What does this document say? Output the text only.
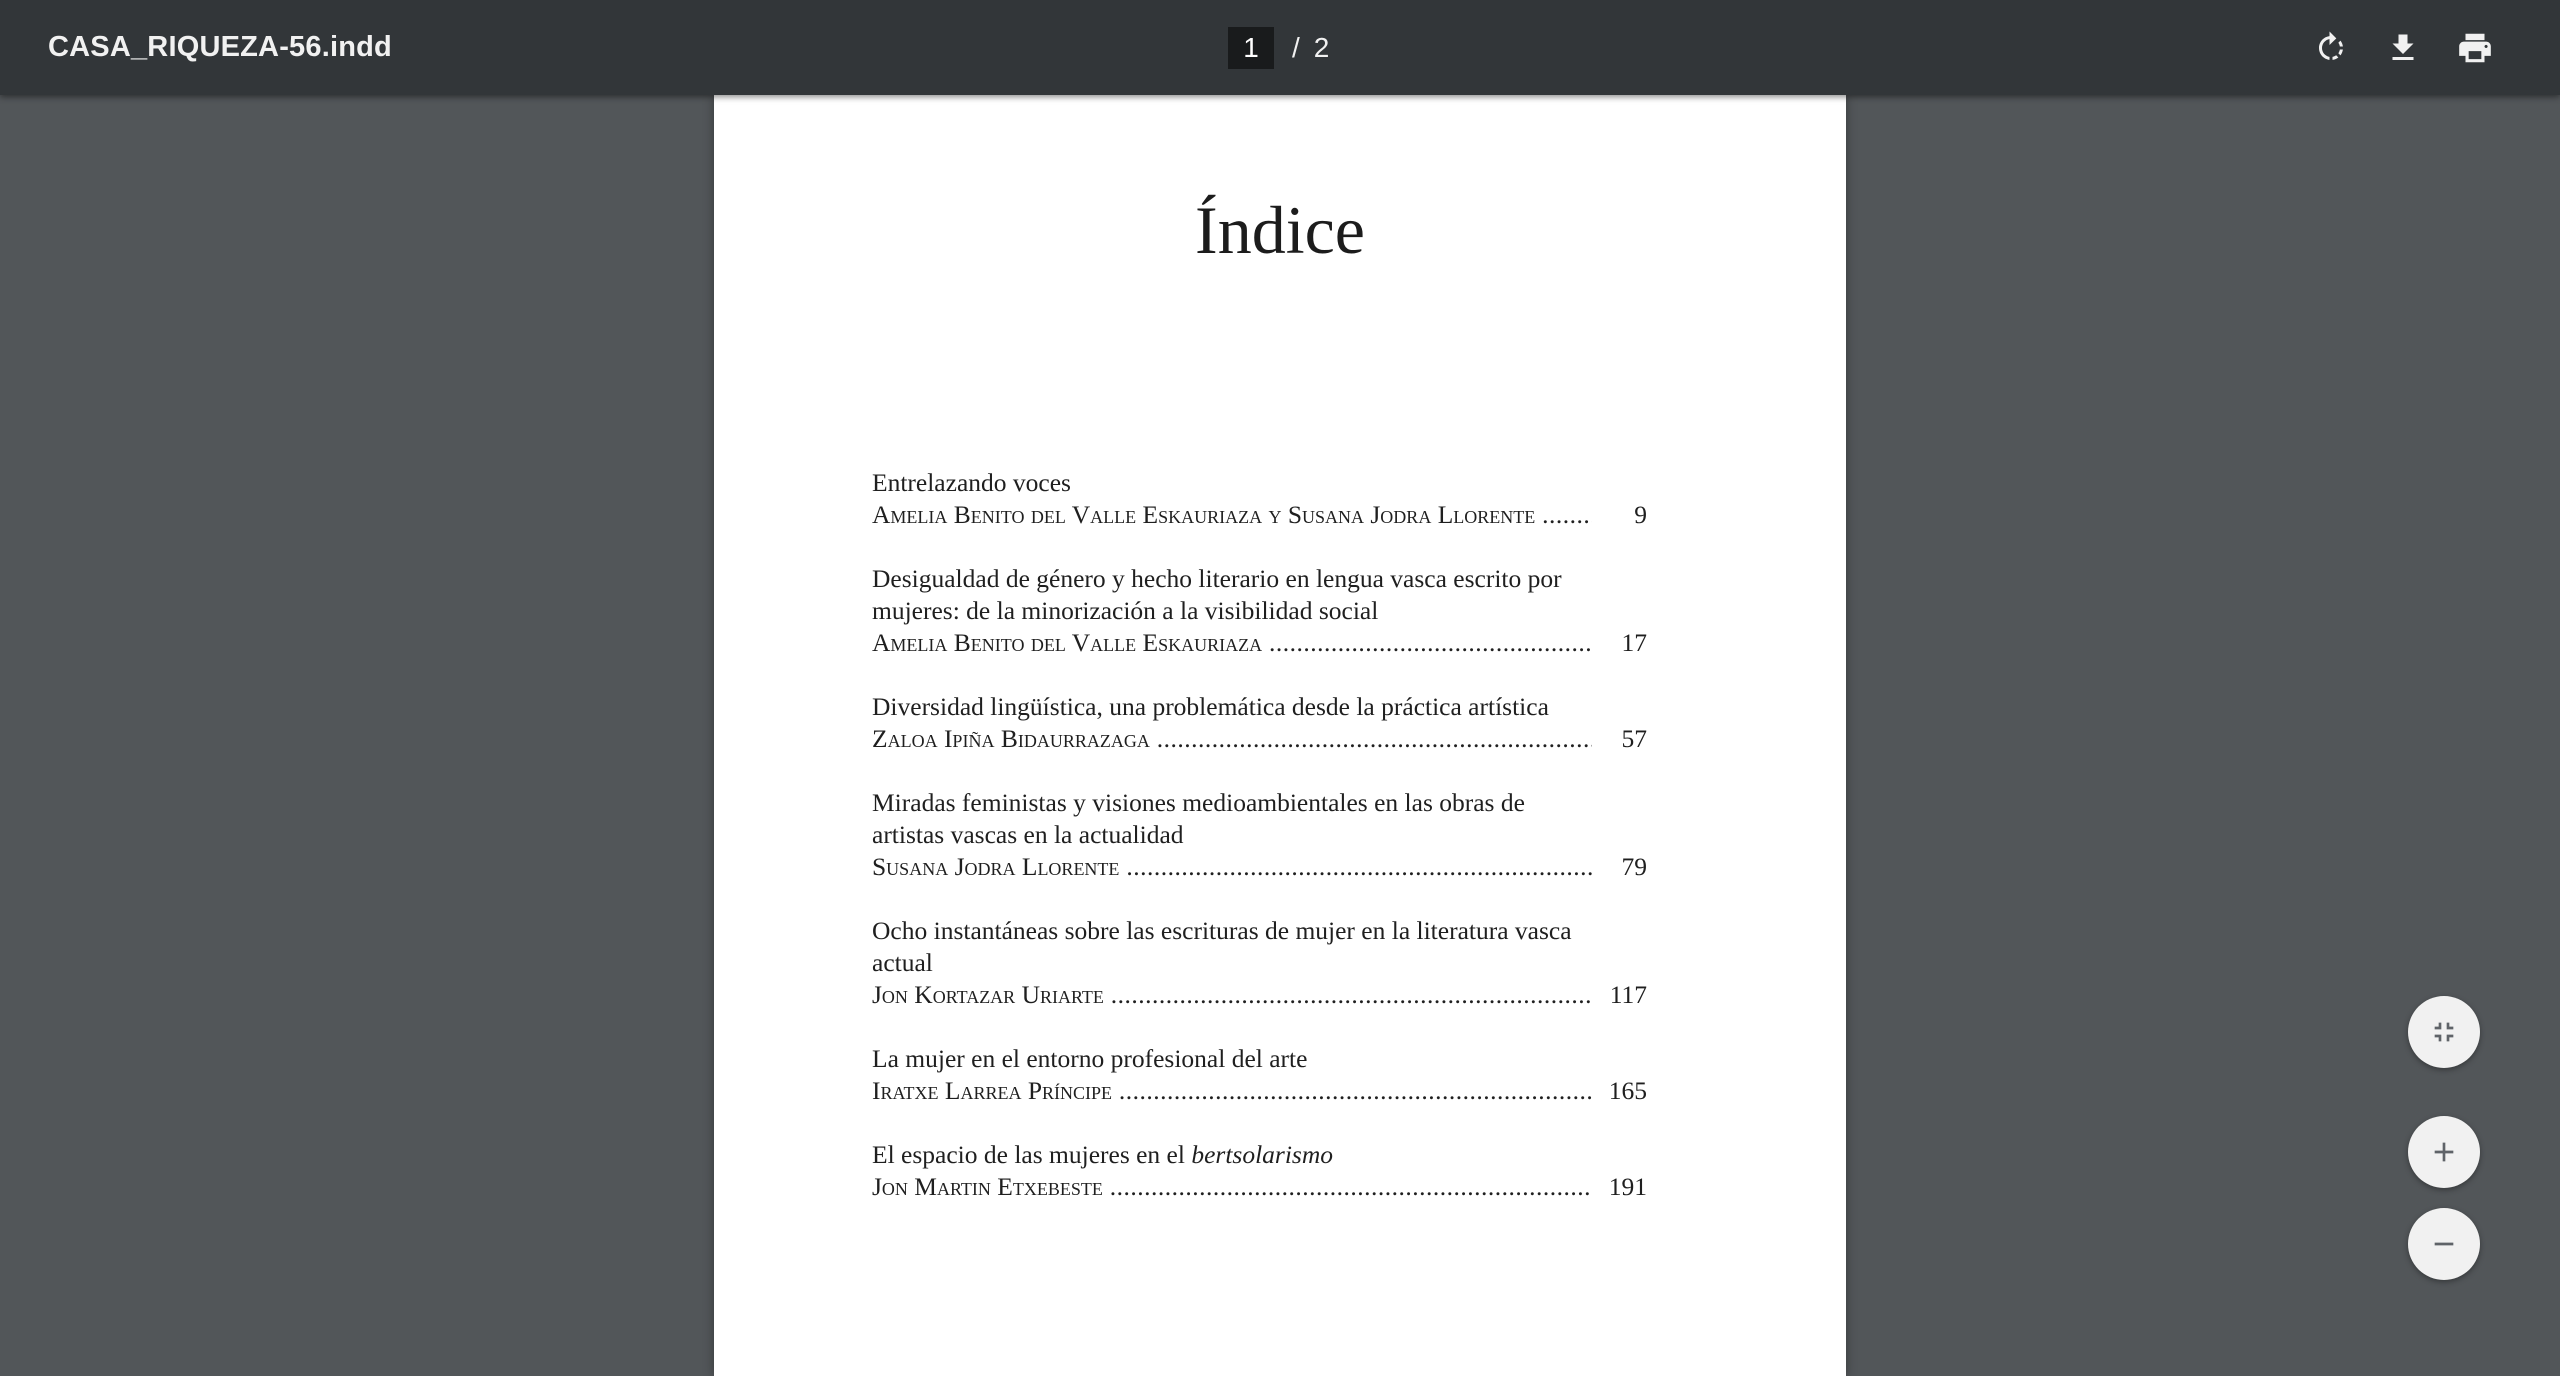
CASA_RIQUEZA-56.indd	1	/ 2
Índice
Entrelazando voces
Amelia Benito del Valle Eskauriaza y Susana Jodra Llorente .....	9
Desigualdad de género y hecho literario en lengua vasca escrito por mujeres: de la minorización a la visibilidad social
Amelia Benito del Valle Eskauriaza .....	17
Diversidad lingüística, una problemática desde la práctica artística
Zaloa Ipiña Bidaurrazaga .....	57
Miradas feministas y visiones medioambientales en las obras de artistas vascas en la actualidad
Susana Jodra Llorente .....	79
Ocho instantáneas sobre las escrituras de mujer en la literatura vasca actual
Jon Kortazar Uriarte .....	117
La mujer en el entorno profesional del arte
Iratxe Larrea Príncipe .....	165
El espacio de las mujeres en el bertsolarismo
Jon Martin Etxebeste .....	191
